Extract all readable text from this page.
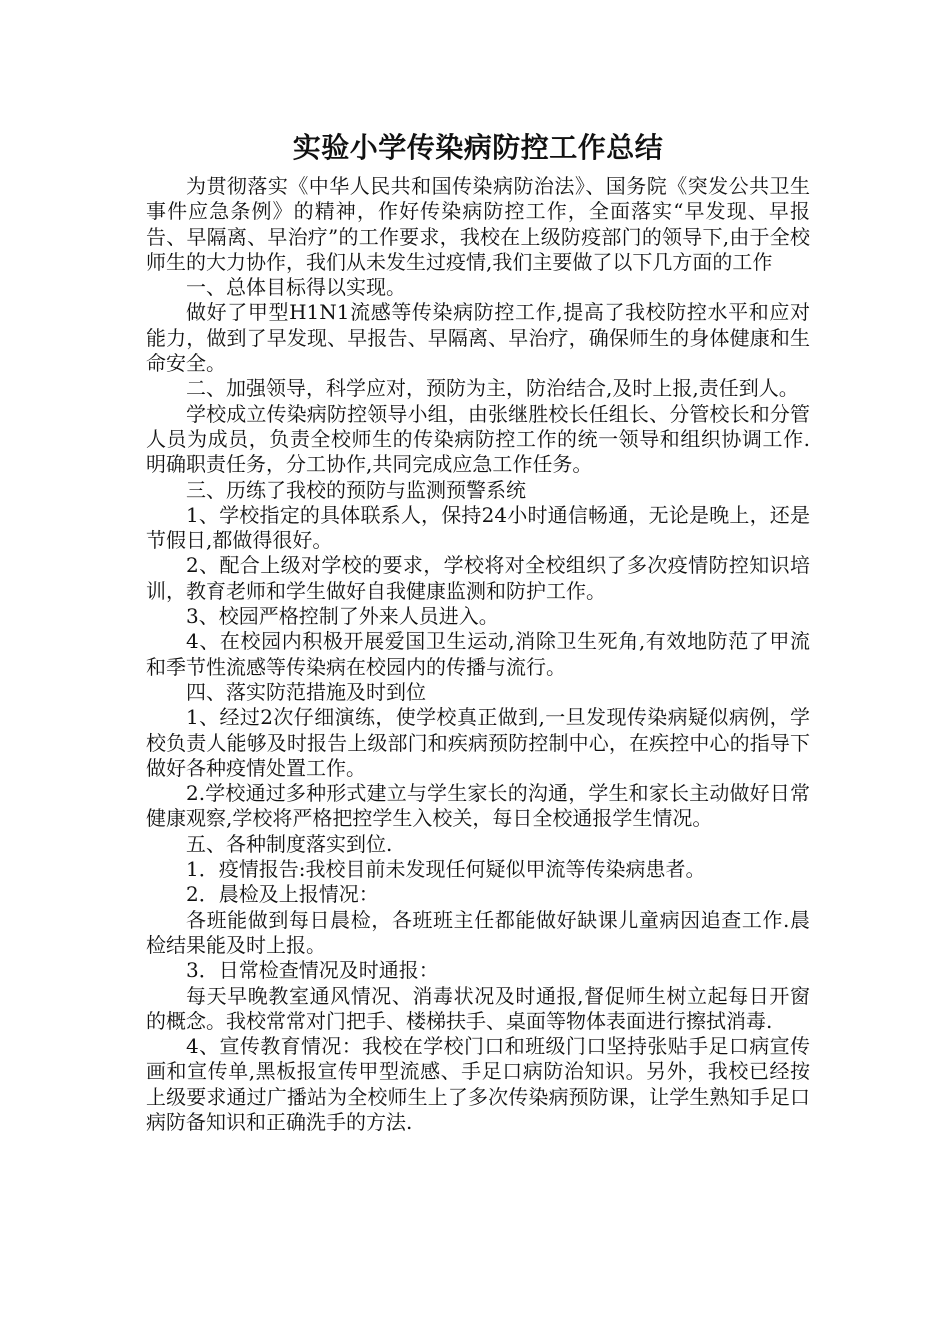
实验小学传染病防控工作总结

为贯彻落实《中华人民共和国传染病防治法》、国务院《突发公共卫生事件应急条例》的精神，作好传染病防控工作，全面落实“早发现、早报告、早隔离、早治疗”的工作要求，我校在上级防疫部门的领导下,由于全校师生的大力协作，我们从未发生过疫情,我们主要做了以下几方面的工作

一、总体目标得以实现。

做好了甲型H1N1流感等传染病防控工作,提高了我校防控水平和应对能力，做到了早发现、早报告、早隔离、早治疗，确保师生的身体健康和生命安全。

二、加强领导，科学应对，预防为主，防治结合,及时上报,责任到人。

学校成立传染病防控领导小组，由张继胜校长任组长、分管校长和分管人员为成员，负责全校师生的传染病防控工作的统一领导和组织协调工作.明确职责任务，分工协作,共同完成应急工作任务。

三、历练了我校的预防与监测预警系统

1、学校指定的具体联系人，保持24小时通信畅通，无论是晚上，还是节假日,都做得很好。

2、配合上级对学校的要求，学校将对全校组织了多次疫情防控知识培训，教育老师和学生做好自我健康监测和防护工作。

3、校园严格控制了外来人员进入。

4、在校园内积极开展爱国卫生运动,消除卫生死角,有效地防范了甲流和季节性流感等传染病在校园内的传播与流行。

四、落实防范措施及时到位

1、经过2次仔细演练，使学校真正做到,一旦发现传染病疑似病例，学校负责人能够及时报告上级部门和疾病预防控制中心，在疾控中心的指导下做好各种疫情处置工作。

2.学校通过多种形式建立与学生家长的沟通，学生和家长主动做好日常健康观察,学校将严格把控学生入校关，每日全校通报学生情况。

五、各种制度落实到位.

1．疫情报告:我校目前未发现任何疑似甲流等传染病患者。

2．晨检及上报情况：

各班能做到每日晨检，各班班主任都能做好缺课儿童病因追查工作.晨检结果能及时上报。

3．日常检查情况及时通报：

每天早晚教室通风情况、消毒状况及时通报,督促师生树立起每日开窗的概念。我校常常对门把手、楼梯扶手、桌面等物体表面进行擦拭消毒.

4、宣传教育情况：我校在学校门口和班级门口坚持张贴手足口病宣传画和宣传单,黑板报宣传甲型流感、手足口病防治知识。另外，我校已经按上级要求通过广播站为全校师生上了多次传染病预防课，让学生熟知手足口病防备知识和正确洗手的方法.
